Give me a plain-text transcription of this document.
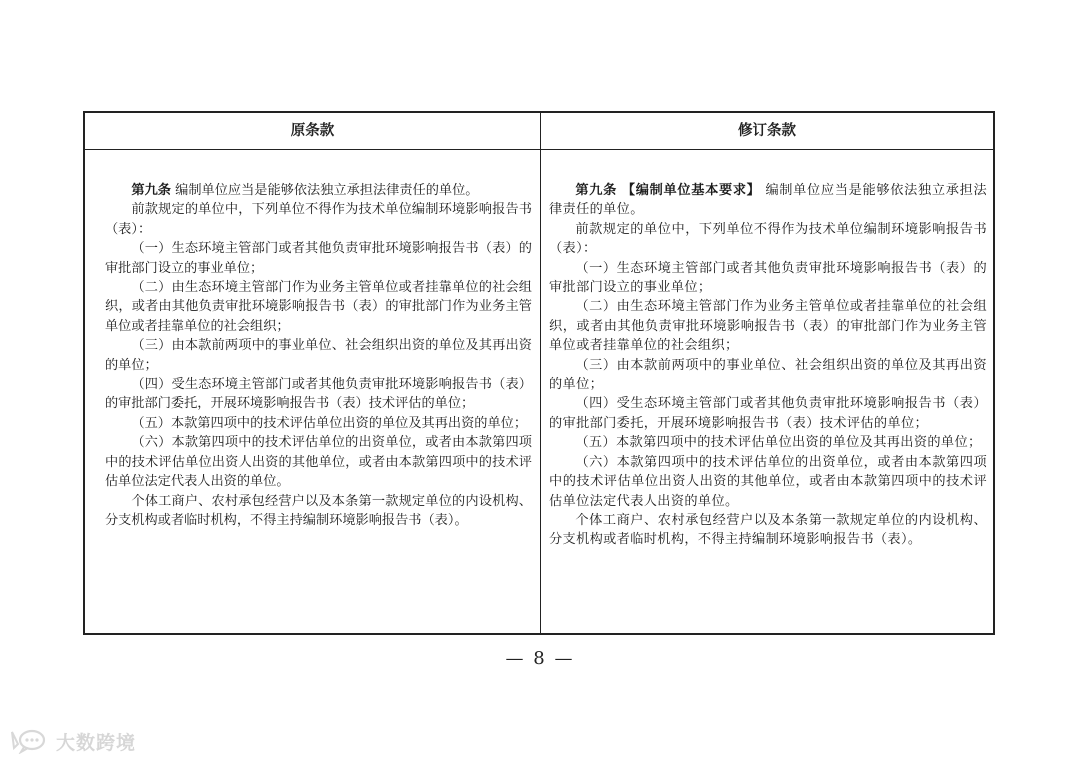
原条款	修订条款

第九条 编制单位应当是能够依法独立承担法律责任的单位。

前款规定的单位中，下列单位不得作为技术单位编制环境影响报告书（表）：

（一）生态环境主管部门或者其他负责审批环境影响报告书（表）的审批部门设立的事业单位；

（二）由生态环境主管部门作为业务主管单位或者挂靠单位的社会组织，或者由其他负责审批环境影响报告书（表）的审批部门作为业务主管单位或者挂靠单位的社会组织；

（三）由本款前两项中的事业单位、社会组织出资的单位及其再出资的单位；

（四）受生态环境主管部门或者其他负责审批环境影响报告书（表）的审批部门委托，开展环境影响报告书（表）技术评估的单位；

（五）本款第四项中的技术评估单位出资的单位及其再出资的单位；

（六）本款第四项中的技术评估单位的出资单位，或者由本款第四项中的技术评估单位出资人出资的其他单位，或者由本款第四项中的技术评估单位法定代表人出资的单位。

个体工商户、农村承包经营户以及本条第一款规定单位的内设机构、分支机构或者临时机构，不得主持编制环境影响报告书（表）。

第九条 【编制单位基本要求】 编制单位应当是能够依法独立承担法律责任的单位。

前款规定的单位中，下列单位不得作为技术单位编制环境影响报告书（表）：

（一）生态环境主管部门或者其他负责审批环境影响报告书（表）的审批部门设立的事业单位；

（二）由生态环境主管部门作为业务主管单位或者挂靠单位的社会组织，或者由其他负责审批环境影响报告书（表）的审批部门作为业务主管单位或者挂靠单位的社会组织；

（三）由本款前两项中的事业单位、社会组织出资的单位及其再出资的单位；

（四）受生态环境主管部门或者其他负责审批环境影响报告书（表）的审批部门委托，开展环境影响报告书（表）技术评估的单位；

（五）本款第四项中的技术评估单位出资的单位及其再出资的单位；

（六）本款第四项中的技术评估单位的出资单位，或者由本款第四项中的技术评估单位出资人出资的其他单位，或者由本款第四项中的技术评估单位法定代表人出资的单位。

个体工商户、农村承包经营户以及本条第一款规定单位的内设机构、分支机构或者临时机构，不得主持编制环境影响报告书（表）。

— 8 —
大数跨境
